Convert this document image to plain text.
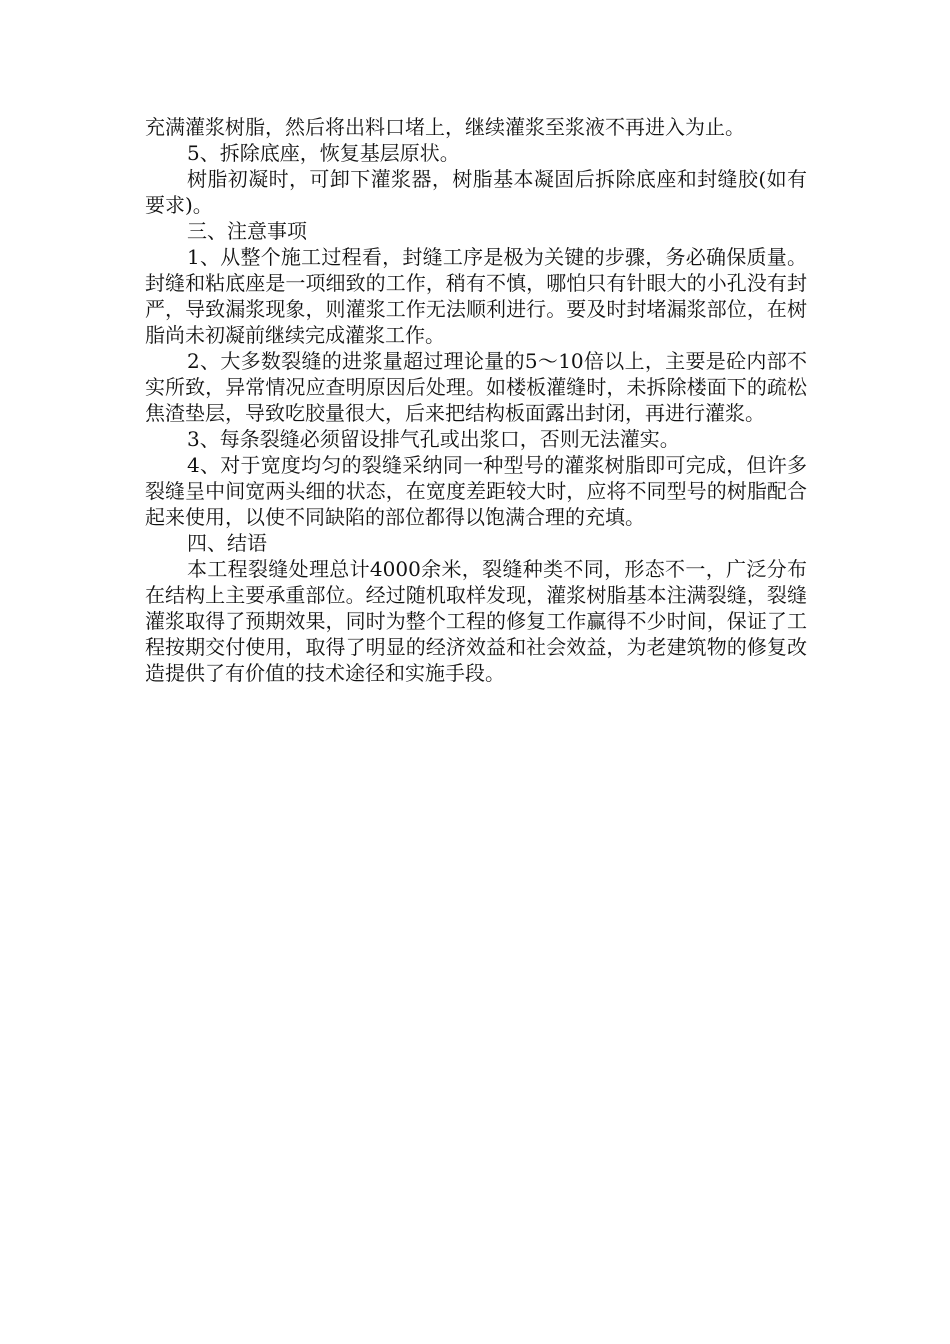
充满灌浆树脂，然后将出料口堵上，继续灌浆至浆液不再进入为止。

5、拆除底座，恢复基层原状。

树脂初凝时，可卸下灌浆器，树脂基本凝固后拆除底座和封缝胶(如有要求)。

三、注意事项

1、从整个施工过程看，封缝工序是极为关键的步骤，务必确保质量。封缝和粘底座是一项细致的工作，稍有不慎，哪怕只有针眼大的小孔没有封严，导致漏浆现象，则灌浆工作无法顺利进行。要及时封堵漏浆部位，在树脂尚未初凝前继续完成灌浆工作。

2、大多数裂缝的进浆量超过理论量的5～10倍以上，主要是砼内部不实所致，异常情况应查明原因后处理。如楼板灌缝时，未拆除楼面下的疏松焦渣垫层，导致吃胶量很大，后来把结构板面露出封闭，再进行灌浆。

3、每条裂缝必须留设排气孔或出浆口，否则无法灌实。

4、对于宽度均匀的裂缝采纳同一种型号的灌浆树脂即可完成，但许多裂缝呈中间宽两头细的状态，在宽度差距较大时，应将不同型号的树脂配合起来使用，以使不同缺陷的部位都得以饱满合理的充填。

四、结语

本工程裂缝处理总计4000余米，裂缝种类不同，形态不一，广泛分布在结构上主要承重部位。经过随机取样发现，灌浆树脂基本注满裂缝，裂缝灌浆取得了预期效果，同时为整个工程的修复工作赢得不少时间，保证了工程按期交付使用，取得了明显的经济效益和社会效益，为老建筑物的修复改造提供了有价值的技术途径和实施手段。
